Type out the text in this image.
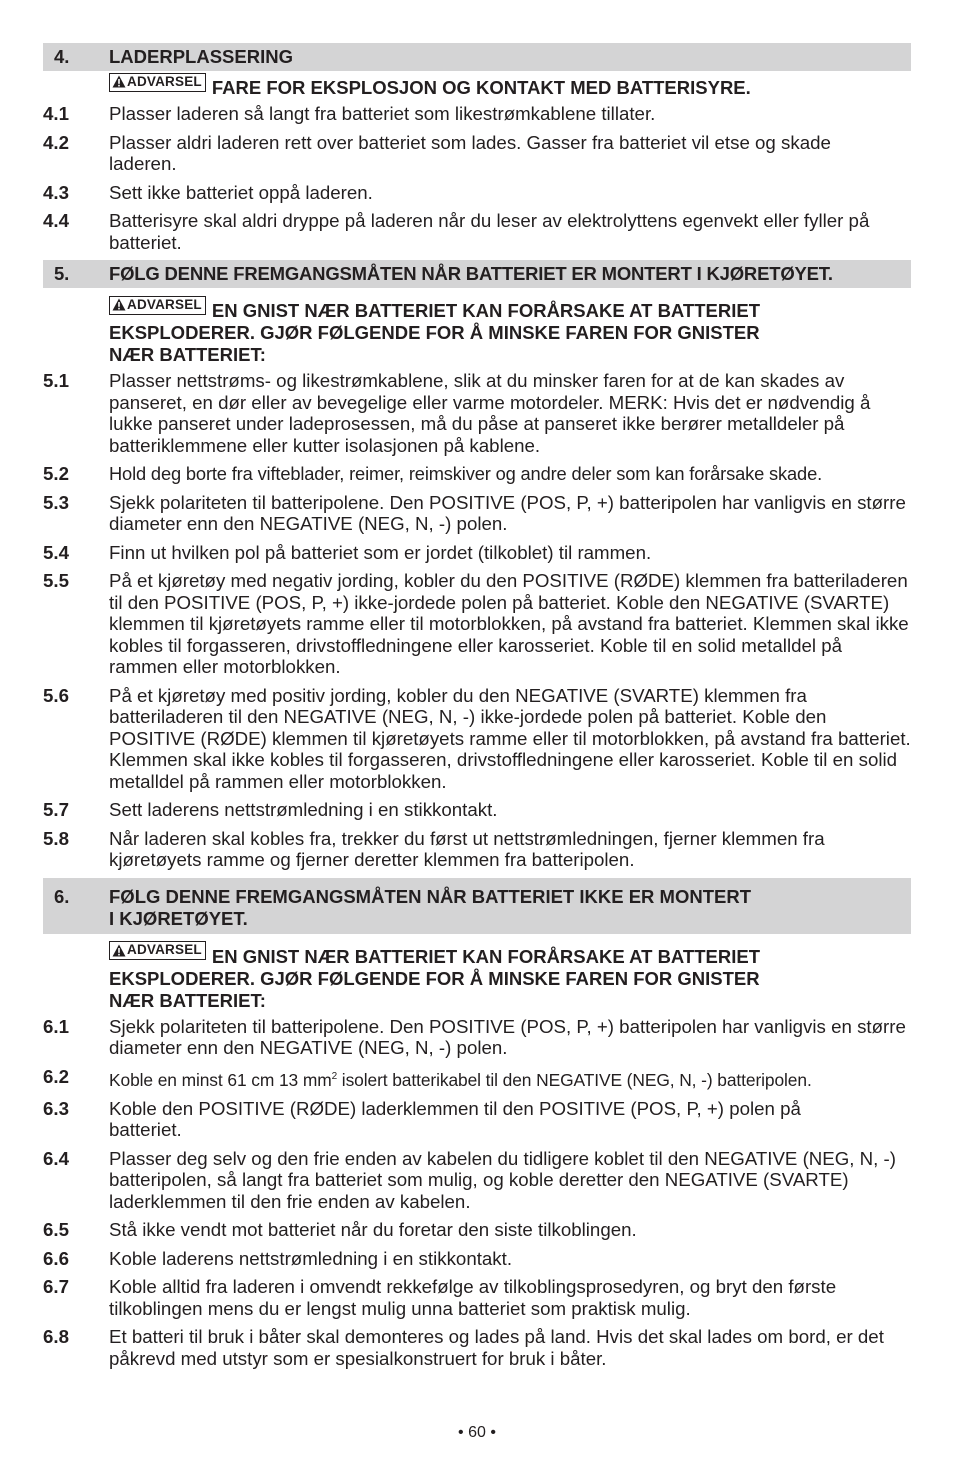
4.	LADERPLASSERING
ADVARSEL FARE FOR EKSPLOSJON OG KONTAKT MED BATTERISYRE.
4.1	Plasser laderen så langt fra batteriet som likestrømkablene tillater.
4.2	Plasser aldri laderen rett over batteriet som lades. Gasser fra batteriet vil etse og skade laderen.
4.3	Sett ikke batteriet oppå laderen.
4.4	Batterisyre skal aldri dryppe på laderen når du leser av elektrolyttens egenvekt eller fyller på batteriet.
5.	FØLG DENNE FREMGANGSMÅTEN NÅR BATTERIET ER MONTERT I KJØRETØYET.
ADVARSEL EN GNIST NÆR BATTERIET KAN FORÅRSAKE AT BATTERIET
EKSPLODERER. GJØR FØLGENDE FOR Å MINSKE FAREN FOR GNISTER
NÆR BATTERIET:
5.1	Plasser nettstrøms- og likestrømkablene, slik at du minsker faren for at de kan skades av panseret, en dør eller av bevegelige eller varme motordeler. MERK: Hvis det er nødvendig å lukke panseret under ladeprosessen, må du påse at panseret ikke berører metalldeler på batteriklemmene eller kutter isolasjonen på kablene.
5.2	Hold deg borte fra vifteblader, reimer, reimskiver og andre deler som kan forårsake skade.
5.3	Sjekk polariteten til batteripolene. Den POSITIVE (POS, P, +) batteripolen har vanligvis en større diameter enn den NEGATIVE (NEG, N, -) polen.
5.4	Finn ut hvilken pol på batteriet som er jordet (tilkoblet) til rammen.
5.5	På et kjøretøy med negativ jording, kobler du den POSITIVE (RØDE) klemmen fra batteriladeren til den POSITIVE (POS, P, +) ikke-jordede polen på batteriet. Koble den NEGATIVE (SVARTE) klemmen til kjøretøyets ramme eller til motorblokken, på avstand fra batteriet. Klemmen skal ikke kobles til forgasseren, drivstoffledningene eller karosseriet. Koble til en solid metalldel på rammen eller motorblokken.
5.6	På et kjøretøy med positiv jording, kobler du den NEGATIVE (SVARTE) klemmen fra batteriladeren til den NEGATIVE (NEG, N, -) ikke-jordede polen på batteriet. Koble den POSITIVE (RØDE) klemmen til kjøretøyets ramme eller til motorblokken, på avstand fra batteriet. Klemmen skal ikke kobles til forgasseren, drivstoffledningene eller karosseriet. Koble til en solid metalldel på rammen eller motorblokken.
5.7	Sett laderens nettstrømledning i en stikkontakt.
5.8	Når laderen skal kobles fra, trekker du først ut nettstrømledningen, fjerner klemmen fra kjøretøyets ramme og fjerner deretter klemmen fra batteripolen.
6.	FØLG DENNE FREMGANGSMÅTEN NÅR BATTERIET IKKE ER MONTERT
I KJØRETØYET.
ADVARSEL EN GNIST NÆR BATTERIET KAN FORÅRSAKE AT BATTERIET
EKSPLODERER. GJØR FØLGENDE FOR Å MINSKE FAREN FOR GNISTER
NÆR BATTERIET:
6.1	Sjekk polariteten til batteripolene. Den POSITIVE (POS, P, +) batteripolen har vanligvis en større diameter enn den NEGATIVE (NEG, N, -) polen.
6.2	Koble en minst 61 cm 13 $mm^2$ isolert batterikabel til den NEGATIVE (NEG, N, -) batteripolen.
6.3	Koble den POSITIVE (RØDE) laderklemmen til den POSITIVE (POS, P, +) polen på batteriet.
6.4	Plasser deg selv og den frie enden av kabelen du tidligere koblet til den NEGATIVE (NEG, N, -) batteripolen, så langt fra batteriet som mulig, og koble deretter den NEGATIVE (SVARTE) laderklemmen til den frie enden av kabelen.
6.5	Stå ikke vendt mot batteriet når du foretar den siste tilkoblingen.
6.6	Koble laderens nettstrømledning i en stikkontakt.
6.7	Koble alltid fra laderen i omvendt rekkefølge av tilkoblingsprosedyren, og bryt den første tilkoblingen mens du er lengst mulig unna batteriet som praktisk mulig.
6.8	Et batteri til bruk i båter skal demonteres og lades på land. Hvis det skal lades om bord, er det påkrevd med utstyr som er spesialkonstruert for bruk i båter.
• 60 •
